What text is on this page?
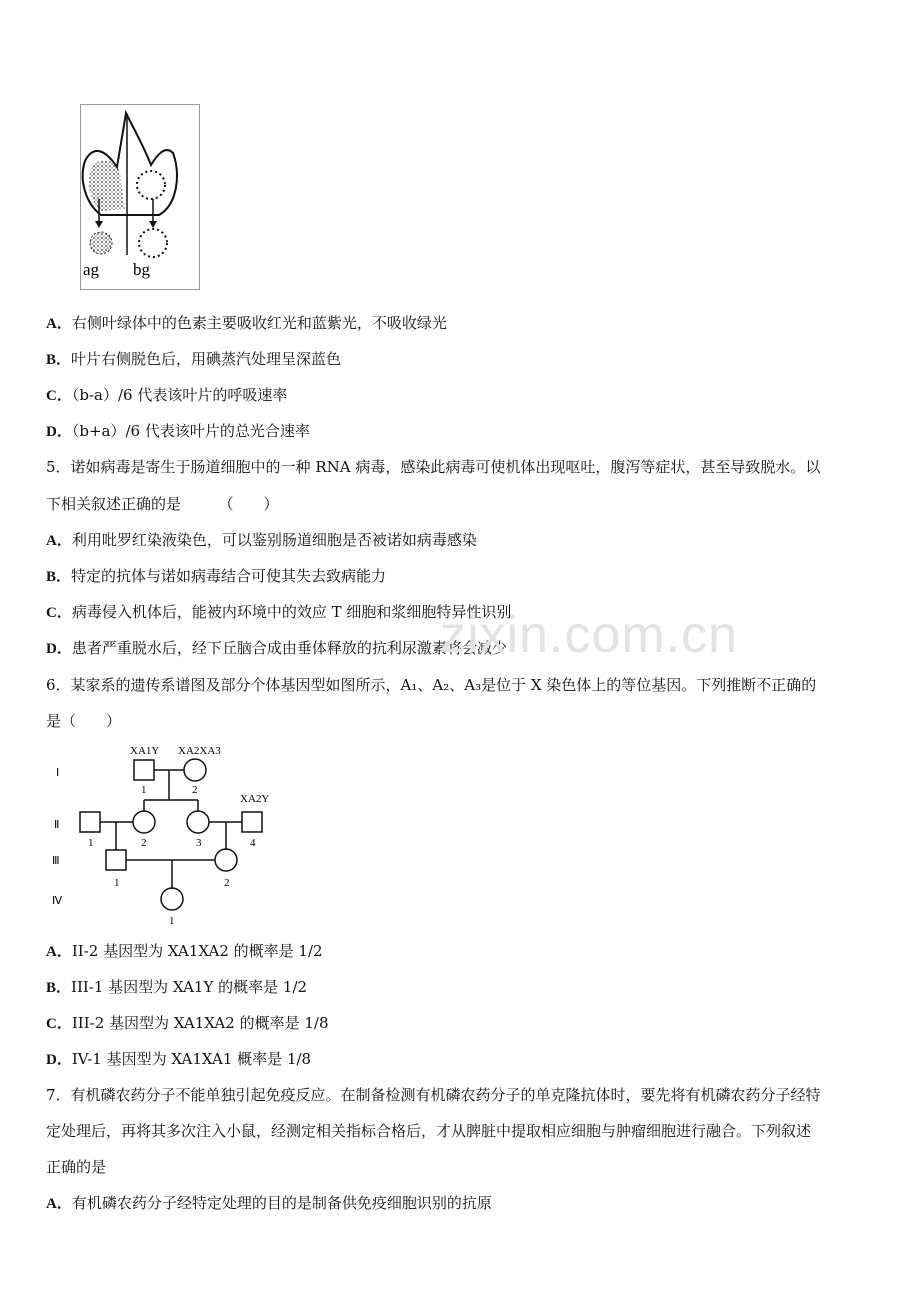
ag bg
A．右侧叶绿体中的色素主要吸收红光和蓝紫光，不吸收绿光
B．叶片右侧脱色后，用碘蒸汽处理呈深蓝色
C．（b-a）/6 代表该叶片的呼吸速率
D．（b+a）/6 代表该叶片的总光合速率
5．诺如病毒是寄生于肠道细胞中的一种 RNA 病毒，感染此病毒可使机体出现呕吐，腹泻等症状，甚至导致脱水。以
下相关叙述正确的是　　　（　　）
A．利用吡罗红染液染色，可以鉴别肠道细胞是否被诺如病毒感染
B．特定的抗体与诺如病毒结合可使其失去致病能力
C．病毒侵入机体后，能被内环境中的效应 T 细胞和浆细胞特异性识别
D．患者严重脱水后，经下丘脑合成由垂体释放的抗利尿激素将会减少
6．某家系的遗传系谱图及部分个体基因型如图所示，A₁、A₂、A₃是位于 X 染色体上的等位基因。下列推断不正确的
是（　　）
Ⅰ
Ⅱ
Ⅲ
Ⅳ
XA1Y XA2XA3
1	2
XA2Y
1	2	3	4
1	2
1
A．II-2 基因型为 XA1XA2 的概率是 1/2
B．III-1 基因型为 XA1Y 的概率是 1/2
C．III-2 基因型为 XA1XA2 的概率是 1/8
D．IV-1 基因型为 XA1XA1 概率是 1/8
7．有机磷农药分子不能单独引起免疫反应。在制备检测有机磷农药分子的单克隆抗体时，要先将有机磷农药分子经特
定处理后，再将其多次注入小鼠，经测定相关指标合格后，才从脾脏中提取相应细胞与肿瘤细胞进行融合。下列叙述
正确的是
A．有机磷农药分子经特定处理的目的是制备供免疫细胞识别的抗原
zixin.com.cn
